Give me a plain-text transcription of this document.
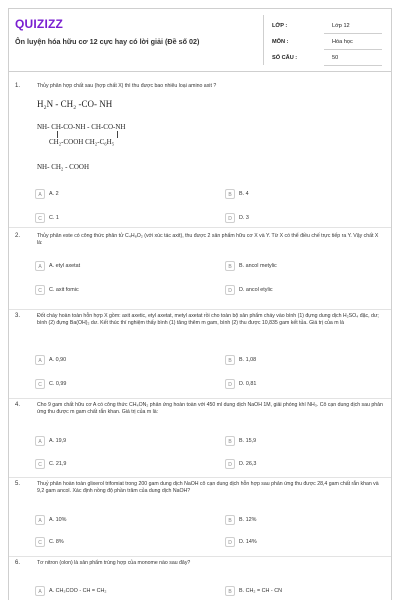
QUIZIZZ
Ôn luyện hóa hữu cơ 12 cực hay có lời giải (Đề số 02)
LỚP :	Lớp 12
MÔN :	Hóa học
SỐ CÂU :	50
1.	Thủy phân hợp chất sau (hợp chất X) thì thu được bao nhiêu loại amino axit ?
H₂N - CH₂ -CO- NH
NH- CH-CO-NH - CH-CO-NH
CH₂-COOH CH₂-C₆H₅
NH- CH₂ - COOH
A	A. 2	B	B. 4
C	C. 1	D	D. 3
2.	Thủy phân este có công thức phân tử C₄H₈O₂ (với xúc tác axit), thu được 2 sản phẩm hữu cơ X và Y. Từ X có thể điều chế trực tiếp ra Y. Vậy chất X là:
A	A. etyl axetat	B	B. ancol metylic
C	C. axit fomic	D	D. ancol etylic
3.	Đốt cháy hoàn toàn hỗn hợp X gồm: axit axetic, etyl axetat, metyl axetat rồi cho toàn bộ sản phẩm cháy vào bình (1) đựng dung dịch H₂SO₄ đặc, dư; bình (2) đựng Ba(OH)₂ dư. Kết thúc thí nghiệm thấy bình (1) tăng thêm m gam, bình (2) thu được 10,835 gam kết tủa. Giá trị của m là
A	A. 0,90	B	B. 1,08
C	C. 0,99	D	D. 0,81
4.	Cho 9 gam chất hữu cơ A có công thức CH₄ON₂ phản ứng hoàn toàn với 450 ml dung dịch NaOH 1M, giải phóng khí NH₃. Cô cạn dung dịch sau phản ứng thu được m gam chất rắn khan. Giá trị của m là:
A	A. 19,9	B	B. 15,9
C	C. 21,9	D	D. 26,3
5.	Thuỷ phân hoàn toàn glixerol trifomiat trong 200 gam dung dịch NaOH cô cạn dung dịch hỗn hợp sau phản ứng thu được 28,4 gam chất rắn khan và 9,2 gam ancol. Xác định nồng độ phần trăm của dung dịch NaOH?
A	A. 10%	B	B. 12%
C	C. 8%	D	D. 14%
6.	Tơ nitron (olon) là sản phẩm trùng hợp của monome nào sau đây?
A	A. CH₃COO - CH = CH₂	B	B. CH₂ = CH - CN
